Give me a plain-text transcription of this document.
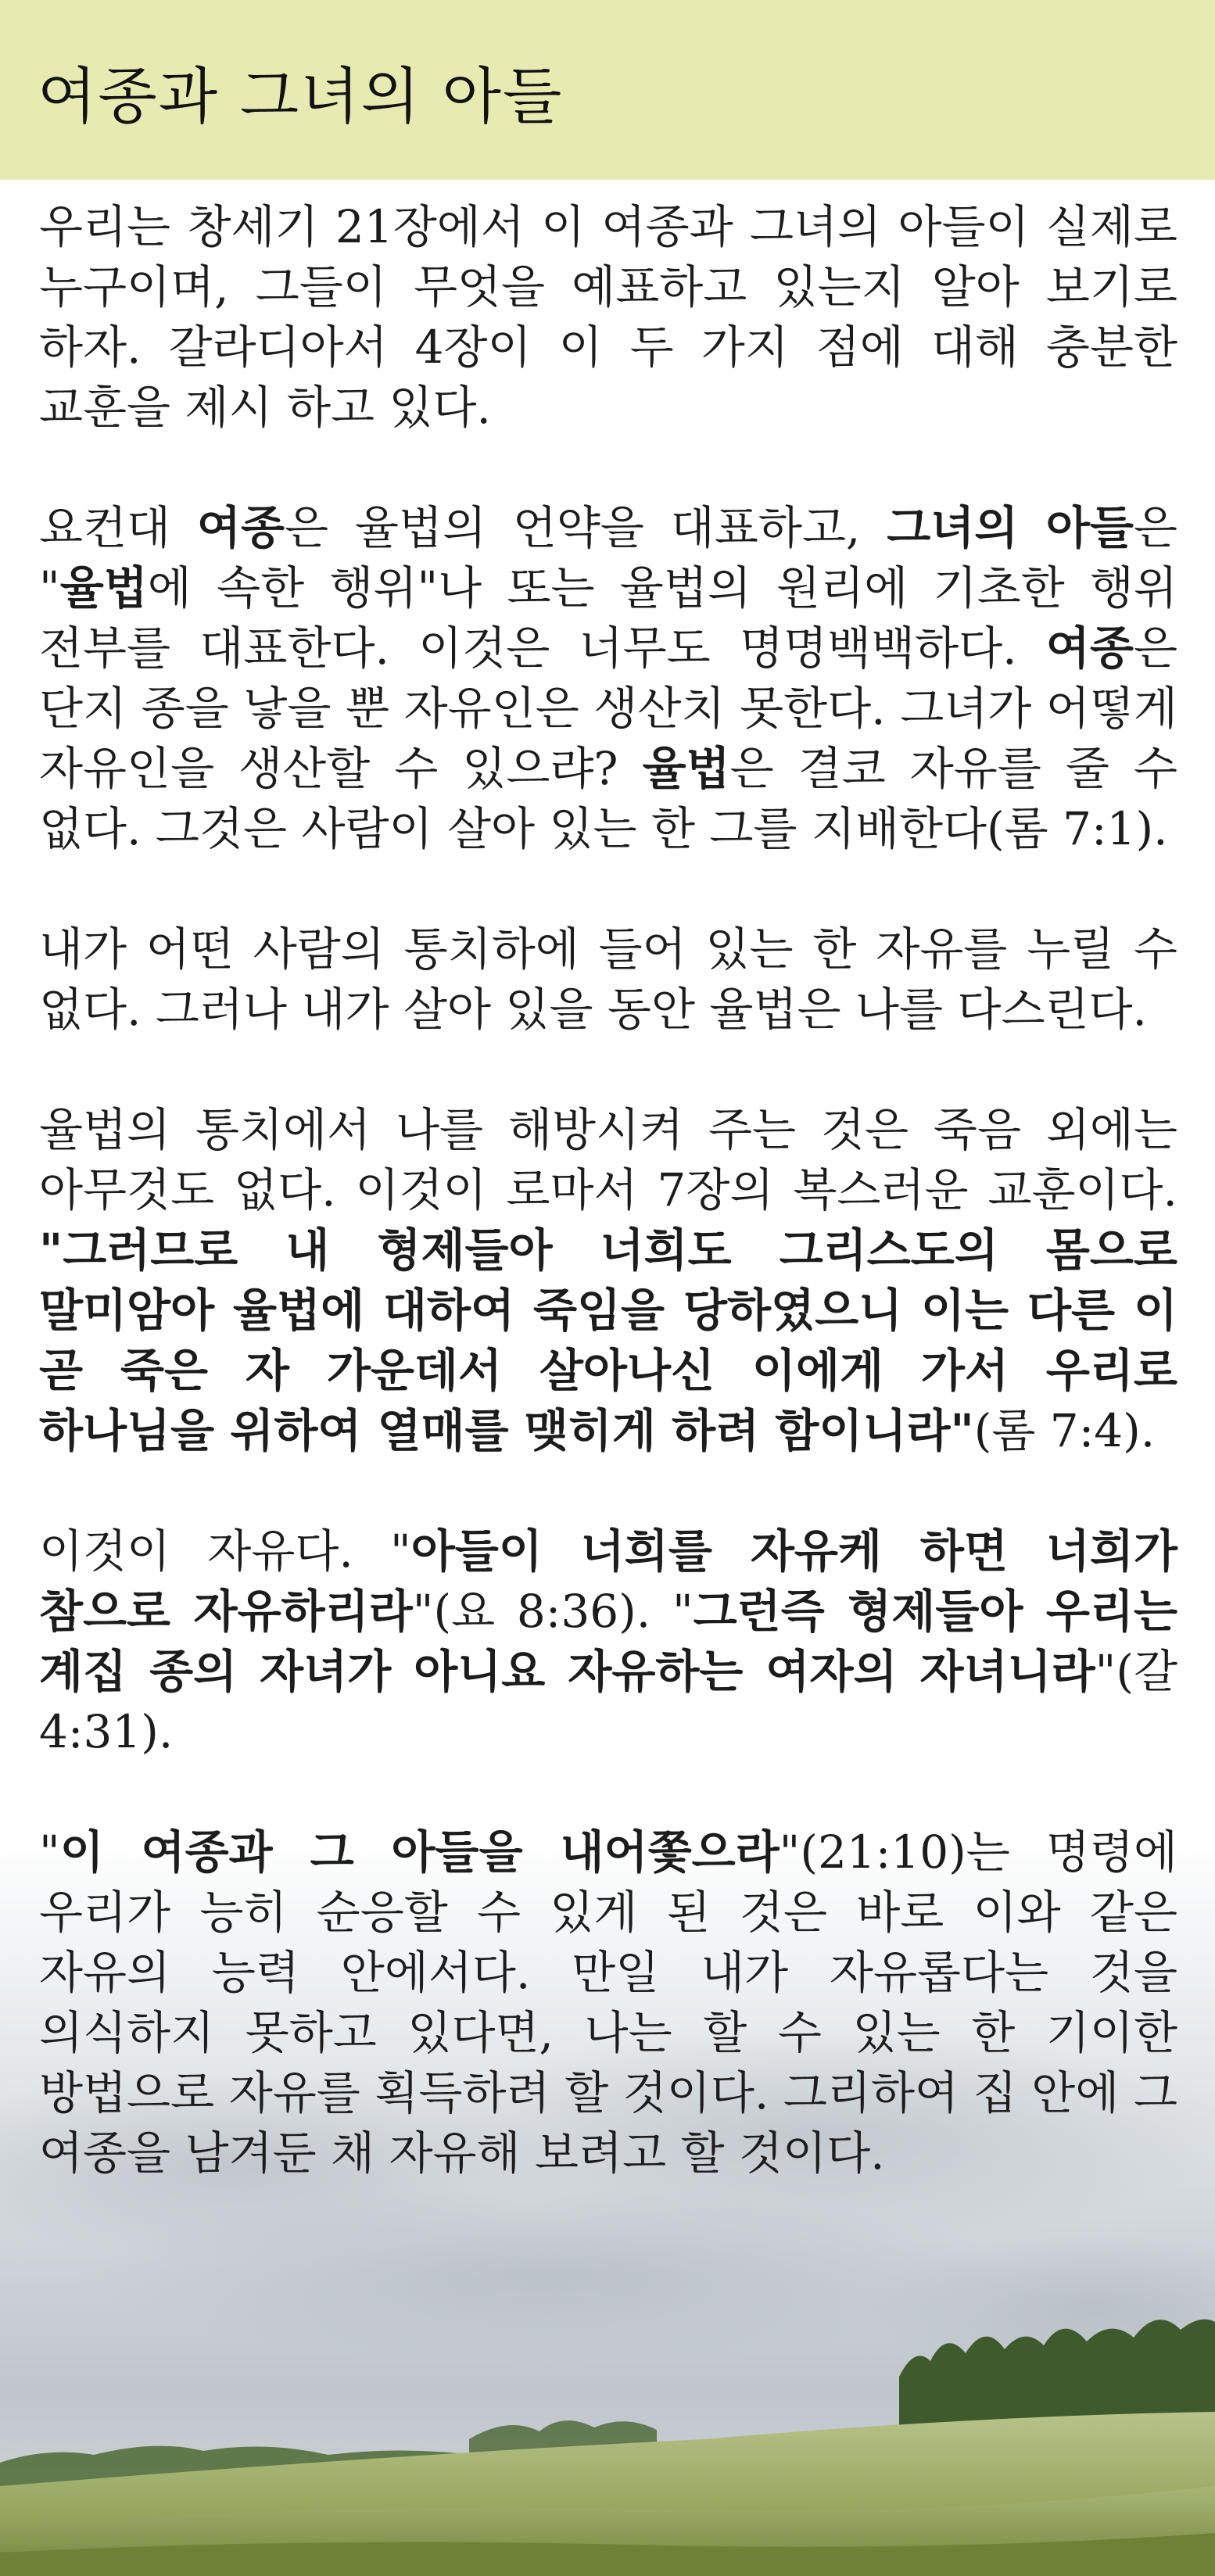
여종과 그녀의 아들

우리는 창세기 21장에서 이 여종과 그녀의 아들이 실제로 누구이며, 그들이 무엇을 예표하고 있는지 알아 보기로 하자. 갈라디아서 4장이 이 두 가지 점에 대해 충분한 교훈을 제시 하고 있다.

요컨대 여종은 율법의 언약을 대표하고, 그녀의 아들은 "율법에 속한 행위"나 또는 율법의 원리에 기초한 행위 전부를 대표한다. 이것은 너무도 명명백백하다. 여종은 단지 종을 낳을 뿐 자유인은 생산치 못한다. 그녀가 어떻게 자유인을 생산할 수 있으랴? 율법은 결코 자유를 줄 수 없다. 그것은 사람이 살아 있는 한 그를 지배한다(롬 7:1).

내가 어떤 사람의 통치하에 들어 있는 한 자유를 누릴 수 없다. 그러나 내가 살아 있을 동안 율법은 나를 다스린다.

율법의 통치에서 나를 해방시켜 주는 것은 죽음 외에는 아무것도 없다. 이것이 로마서 7장의 복스러운 교훈이다. "그러므로 내 형제들아 너희도 그리스도의 몸으로 말미암아 율법에 대하여 죽임을 당하였으니 이는 다른 이 곧 죽은 자 가운데서 살아나신 이에게 가서 우리로 하나님을 위하여 열매를 맺히게 하려 함이니라"(롬 7:4).

이것이 자유다. "아들이 너희를 자유케 하면 너희가 참으로 자유하리라"(요 8:36). "그런즉 형제들아 우리는 계집 종의 자녀가 아니요 자유하는 여자의 자녀니라"(갈 4:31).

"이 여종과 그 아들을 내어쫓으라"(21:10)는 명령에 우리가 능히 순응할 수 있게 된 것은 바로 이와 같은 자유의 능력 안에서다. 만일 내가 자유롭다는 것을 의식하지 못하고 있다면, 나는 할 수 있는 한 기이한 방법으로 자유를 획득하려 할 것이다. 그리하여 집 안에 그 여종을 남겨둔 채 자유해 보려고 할 것이다.
